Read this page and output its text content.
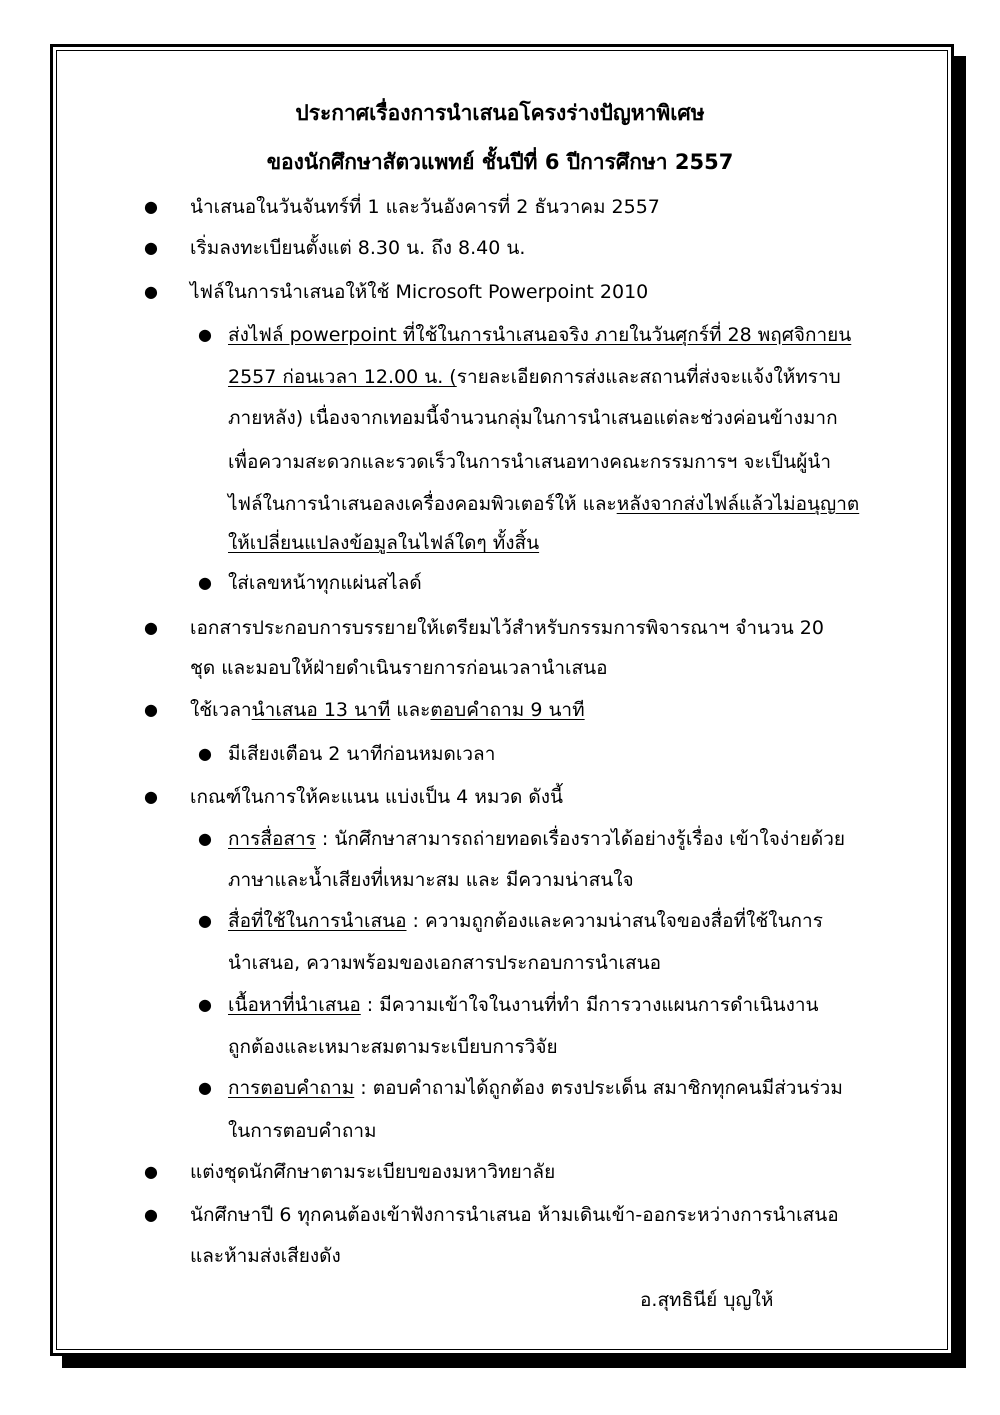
ประกาศเรื่องการนำเสนอโครงร่างปัญหาพิเศษ
ของนักศึกษาสัตวแพทย์ ชั้นปีที่ 6 ปีการศึกษา 2557
● นำเสนอในวันจันทร์ที่ 1 และวันอังคารที่ 2 ธันวาคม 2557
● เริ่มลงทะเบียนตั้งแต่ 8.30 น. ถึง 8.40 น.
● ไฟล์ในการนำเสนอให้ใช้ Microsoft Powerpoint 2010
● ส่งไฟล์ powerpoint ที่ใช้ในการนำเสนอจริง ภายในวันศุกร์ที่ 28 พฤศจิกายน
2557 ก่อนเวลา 12.00 น. (รายละเอียดการส่งและสถานที่ส่งจะแจ้งให้ทราบ
ภายหลัง) เนื่องจากเทอมนี้จำนวนกลุ่มในการนำเสนอแต่ละช่วงค่อนข้างมาก
เพื่อความสะดวกและรวดเร็วในการนำเสนอทางคณะกรรมการฯ จะเป็นผู้นำ
ไฟล์ในการนำเสนอลงเครื่องคอมพิวเตอร์ให้ และหลังจากส่งไฟล์แล้วไม่อนุญาต
ให้เปลี่ยนแปลงข้อมูลในไฟล์ใดๆ ทั้งสิ้น
● ใส่เลขหน้าทุกแผ่นสไลด์
● เอกสารประกอบการบรรยายให้เตรียมไว้สำหรับกรรมการพิจารณาฯ จำนวน 20
ชุด และมอบให้ฝ่ายดำเนินรายการก่อนเวลานำเสนอ
● ใช้เวลานำเสนอ 13 นาที และตอบคำถาม 9 นาที
● มีเสียงเตือน 2 นาทีก่อนหมดเวลา
● เกณฑ์ในการให้คะแนน แบ่งเป็น 4 หมวด ดังนี้
● การสื่อสาร : นักศึกษาสามารถถ่ายทอดเรื่องราวได้อย่างรู้เรื่อง เข้าใจง่ายด้วย
ภาษาและน้ำเสียงที่เหมาะสม และ มีความน่าสนใจ
● สื่อที่ใช้ในการนำเสนอ : ความถูกต้องและความน่าสนใจของสื่อที่ใช้ในการ
นำเสนอ, ความพร้อมของเอกสารประกอบการนำเสนอ
● เนื้อหาที่นำเสนอ : มีความเข้าใจในงานที่ทำ มีการวางแผนการดำเนินงาน
ถูกต้องและเหมาะสมตามระเบียบการวิจัย
● การตอบคำถาม : ตอบคำถามได้ถูกต้อง ตรงประเด็น สมาชิกทุกคนมีส่วนร่วม
ในการตอบคำถาม
● แต่งชุดนักศึกษาตามระเบียบของมหาวิทยาลัย
● นักศึกษาปี 6 ทุกคนต้องเข้าฟังการนำเสนอ ห้ามเดินเข้า-ออกระหว่างการนำเสนอ
และห้ามส่งเสียงดัง
อ.สุทธินีย์ บุญให้
